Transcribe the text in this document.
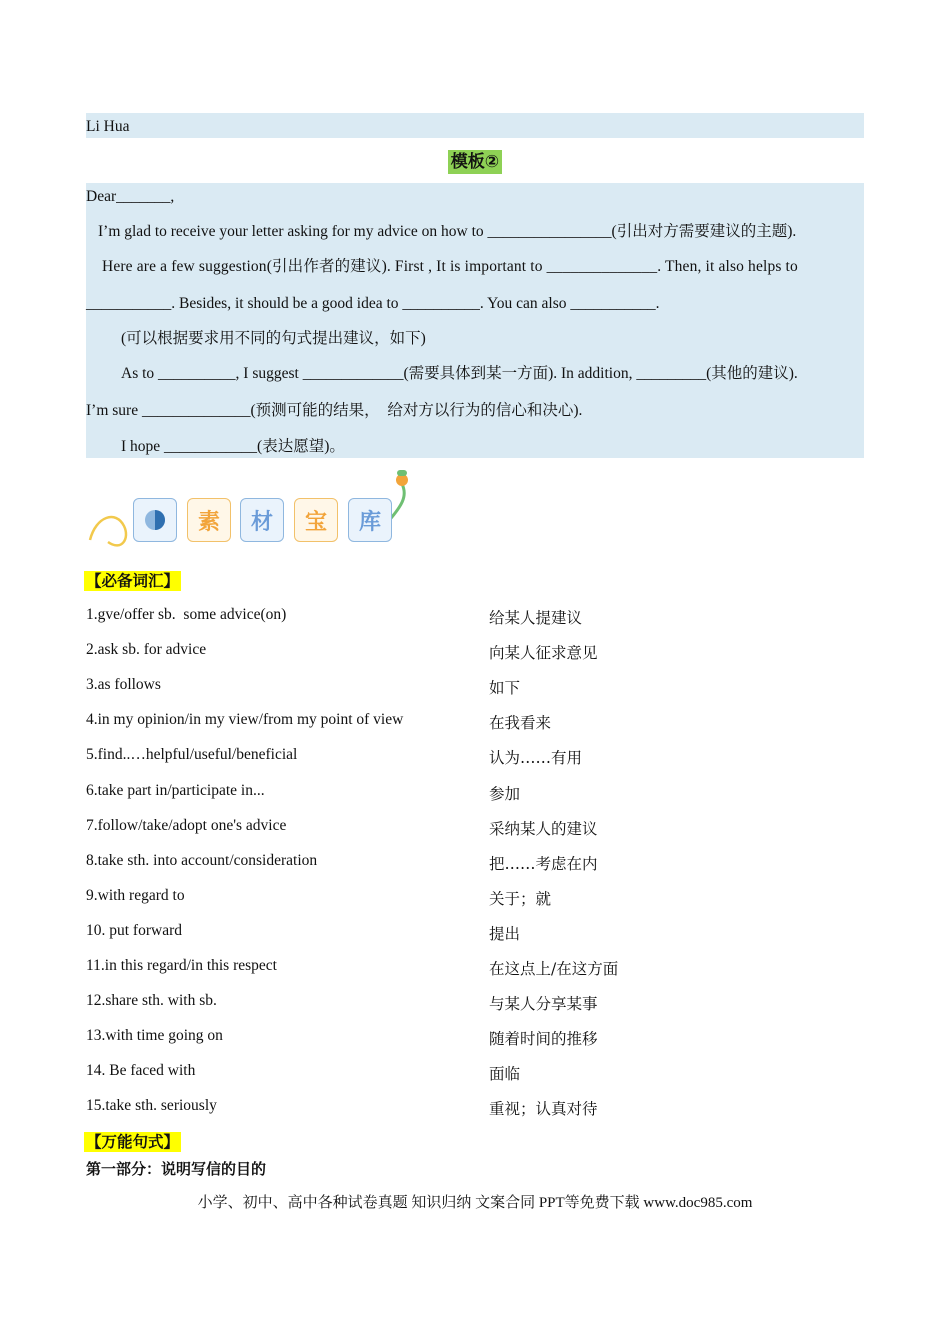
Li Hua
模板②
Dear_______,
I’m glad to receive your letter asking for my advice on how to ________________(引出对方需要建议的主题).
Here are a few suggestion(引出作者的建议). First , It is important to ______________. Then, it also helps to
___________. Besides, it should be a good idea to __________. You can also ___________.
(可以根据要求用不同的句式提出建议，如下)
As to __________, I suggest _____________(需要具体到某一方面). In addition, _________(其他的建议).
I’m sure ______________(预测可能的结果，  给对方以行为的信心和决心).
I hope ____________(表达愿望)。
素	材	宝	库
【必备词汇】
1.gve/offer sb.  some advice(on)	给某人提建议
2.ask sb. for advice	向某人征求意见
3.as follows	如下
4.in my opinion/in my view/from my point of view	在我看来
5.find..…helpful/useful/beneficial	认为……有用
6.take part in/participate in...	参加
7.follow/take/adopt one's advice	采纳某人的建议
8.take sth. into account/consideration	把……考虑在内
9.with regard to	关于；就
10. put forward	提出
11.in this regard/in this respect	在这点上/在这方面
12.share sth. with sb.	与某人分享某事
13.with time going on	随着时间的推移
14. Be faced with	面临
15.take sth. seriously	重视；认真对待
【万能句式】
第一部分：说明写信的目的
小学、初中、高中各种试卷真题 知识归纳 文案合同 PPT等免费下载 www.doc985.com
